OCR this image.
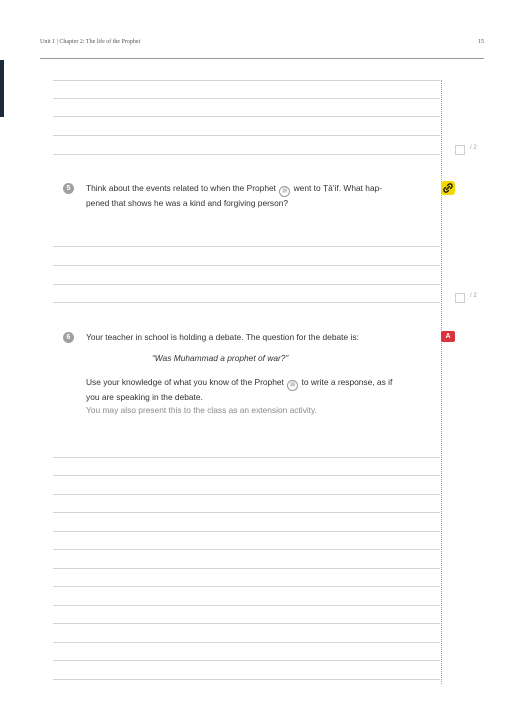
Unit 1 | Chapter 2: The life of the Prophet	15
/ 2
5	Think about the events related to when the Prophet ﷺ went to Ṭā’if. What hap-
pened that shows he was a kind and forgiving person?
/ 2
6	Your teacher in school is holding a debate. The question for the debate is:	A
“Was Muhammad a prophet of war?”
Use your knowledge of what you know of the Prophet ﷺ to write a response, as if
you are speaking in the debate.
You may also present this to the class as an extension activity.
